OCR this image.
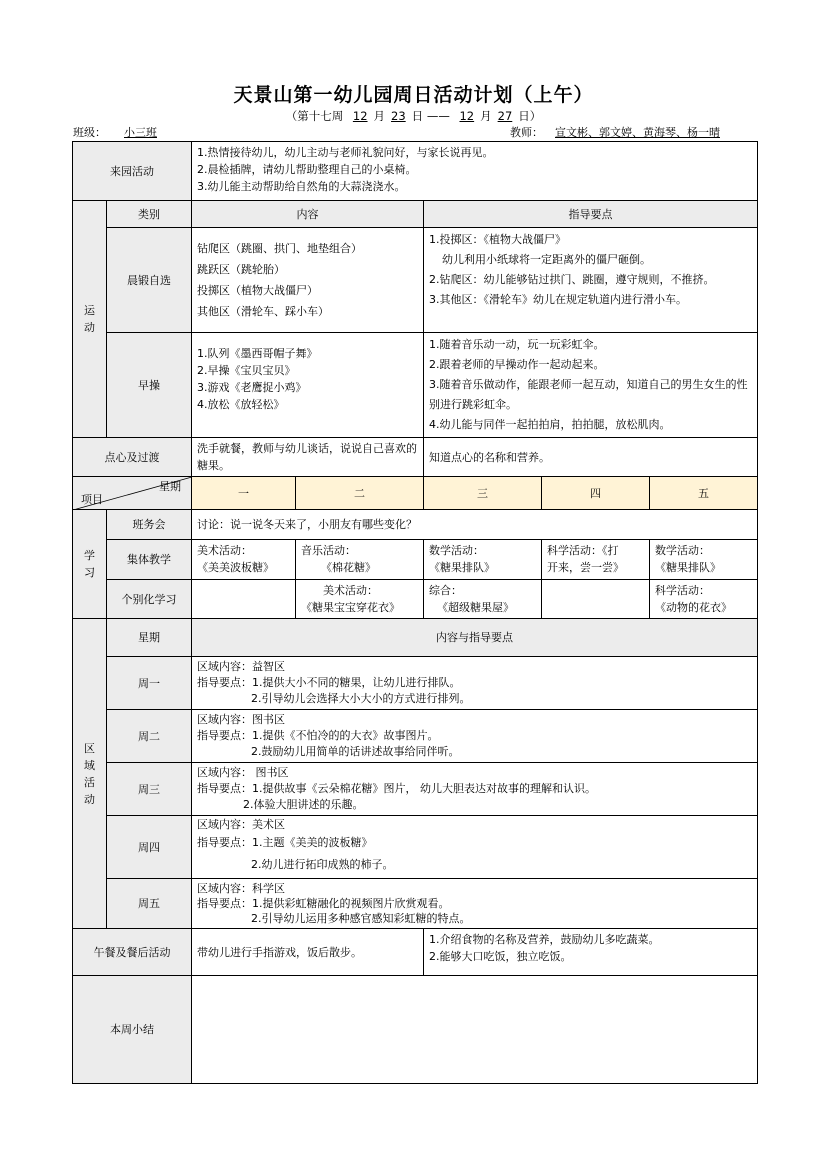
天景山第一幼儿园周日活动计划（上午）
（第十七周 12 月 23 日 —— 12 月 27 日）
班级： 小三班	教师： 宣文彬、郭文婷、黄海琴、杨一晴
来园活动		1.热情接待幼儿，幼儿主动与老师礼貌问好，与家长说再见。
2.晨检插牌，请幼儿帮助整理自己的小桌椅。
3.幼儿能主动帮助给自然角的大蒜浇浇水。				

运动	类别	内容		指导要点		
	晨锻自选	钻爬区（跳圈、拱门、地垫组合）
跳跃区（跳轮胎）
投掷区（植物大战僵尸）
其他区（滑轮车、踩小车）		1.投掷区：《植物大战僵尸》
幼儿利用小纸球将一定距离外的僵尸砸倒。
2.钻爬区：幼儿能够钻过拱门、跳圈，遵守规则，不推挤。
3.其他区：《滑轮车》幼儿在规定轨道内进行滑小车。		

	早操	1.队列《墨西哥帽子舞》
2.早操《宝贝宝贝》
3.游戏《老鹰捉小鸡》
4.放松《放轻松》		1.随着音乐动一动，玩一玩彩虹伞。
2.跟着老师的早操动作一起动起来。
3.随着音乐做动作，能跟老师一起互动，知道自己的男生女生的性别进行跳彩虹伞。
4.幼儿能与同伴一起拍拍肩，拍拍腿，放松肌肉。		

点心及过渡		洗手就餐，教师与幼儿谈话，说说自己喜欢的糖果。		知道点心的名称和营养。		

星期
项目		一	二	三	四	五
学习	班务会	讨论：说一说冬天来了，小朋友有哪些变化？				
	集体教学	美术活动：
《美美波板糖》	音乐活动：
《棉花糖》	数学活动：
《糖果排队》	科学活动：《打
开来，尝一尝》	数学活动：
《糖果排队》

	个别化学习		美术活动：
《糖果宝宝穿花衣》	综合：
《超级糖果屋》		科学活动：
《动物的花衣》

区域活动	星期	内容与指导要点				
	周一	区域内容：益智区
指导要点：1.提供大小不同的糖果，让幼儿进行排队。
2.引导幼儿会选择大小大小的方式进行排列。				

	周二	区域内容：图书区
指导要点：1.提供《不怕冷的的大衣》故事图片。
2.鼓励幼儿用简单的话讲述故事给同伴听。				

	周三	区域内容： 图书区
指导要点：1.提供故事《云朵棉花糖》图片， 幼儿大胆表达对故事的理解和认识。
2.体验大胆讲述的乐趣。				

	周四	区域内容：美术区
指导要点：1.主题《美美的波板糖》
2.幼儿进行拓印成熟的柿子。				

	周五	区域内容：科学区
指导要点：1.提供彩虹糖融化的视频图片欣赏观看。
2.引导幼儿运用多种感官感知彩虹糖的特点。				

午餐及餐后活动		带幼儿进行手指游戏，饭后散步。		1.介绍食物的名称及营养，鼓励幼儿多吃蔬菜。
2.能够大口吃饭，独立吃饭。		

本周小结						
